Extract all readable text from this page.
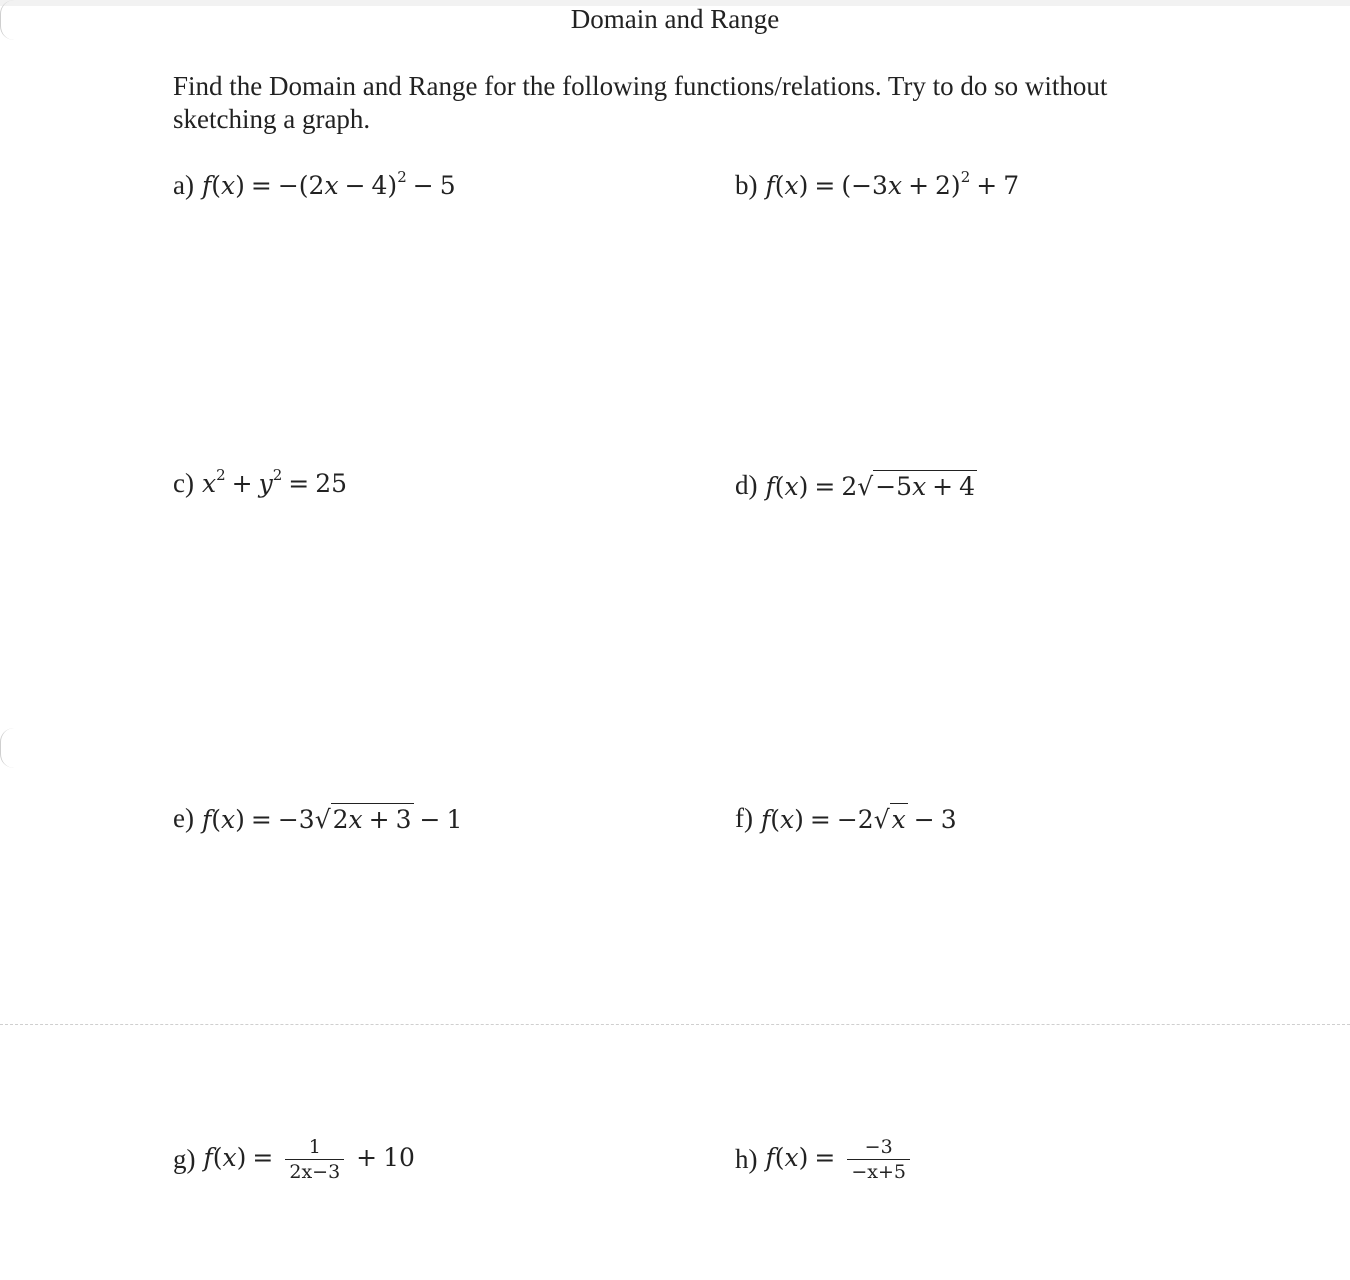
Domain and Range
Find the Domain and Range for the following functions/relations. Try to do so without sketching a graph.
a) $f(x) = -(2x - 4)^2 - 5$	b) $f(x) = (-3x + 2)^2 + 7$
c) $x^2 + y^2 = 25$	d) f(x) = 2√ −5x + 4
e) f(x) = −3√ 2x + 3 − 1	f) f(x) = −2√ x − 3
g) $f(x) = \frac{1}{2x-3} + 10$	h) $f(x) = \frac{-3}{-x+5}$
